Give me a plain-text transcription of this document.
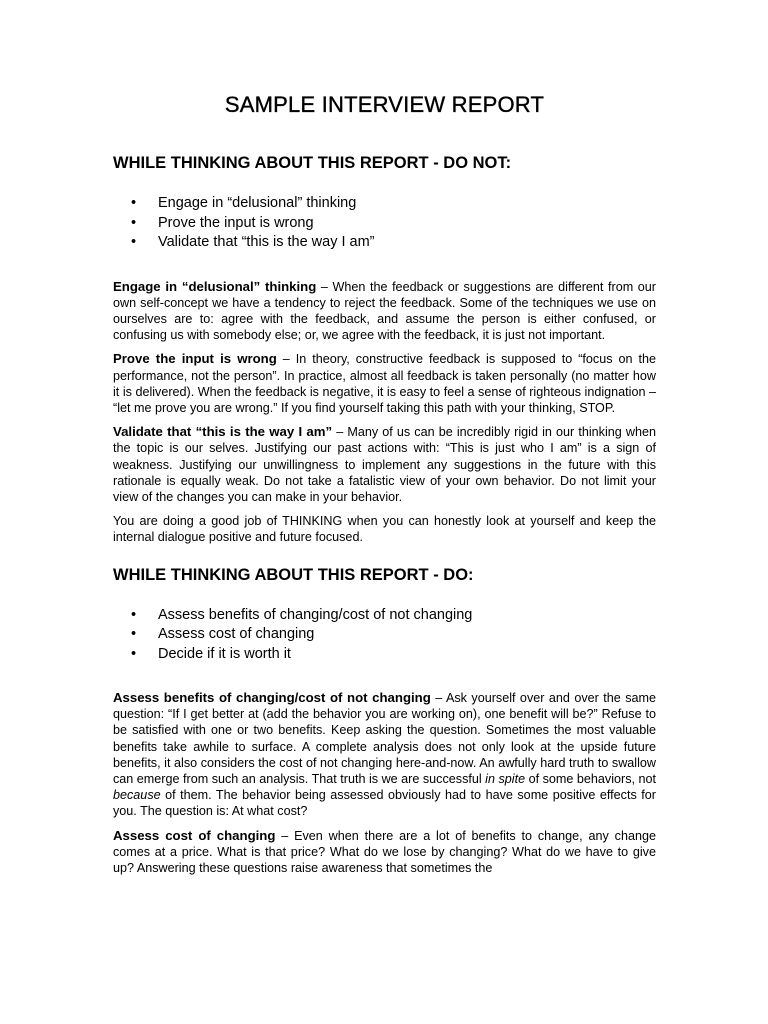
SAMPLE INTERVIEW REPORT
WHILE THINKING ABOUT THIS REPORT - DO NOT:
• Engage in “delusional” thinking
• Prove the input is wrong
• Validate that “this is the way I am”

Engage in “delusional” thinking – When the feedback or suggestions are different from our own self-concept we have a tendency to reject the feedback. Some of the techniques we use on ourselves are to: agree with the feedback, and assume the person is either confused, or confusing us with somebody else; or, we agree with the feedback, it is just not important.

Prove the input is wrong – In theory, constructive feedback is supposed to “focus on the performance, not the person”. In practice, almost all feedback is taken personally (no matter how it is delivered). When the feedback is negative, it is easy to feel a sense of righteous indignation – “let me prove you are wrong.” If you find yourself taking this path with your thinking, STOP.

Validate that “this is the way I am” – Many of us can be incredibly rigid in our thinking when the topic is our selves. Justifying our past actions with: “This is just who I am” is a sign of weakness. Justifying our unwillingness to implement any suggestions in the future with this rationale is equally weak. Do not take a fatalistic view of your own behavior. Do not limit your view of the changes you can make in your behavior.

You are doing a good job of THINKING when you can honestly look at yourself and keep the internal dialogue positive and future focused.

WHILE THINKING ABOUT THIS REPORT - DO:
• Assess benefits of changing/cost of not changing
• Assess cost of changing
• Decide if it is worth it

Assess benefits of changing/cost of not changing – Ask yourself over and over the same question: “If I get better at (add the behavior you are working on), one benefit will be?” Refuse to be satisfied with one or two benefits. Keep asking the question. Sometimes the most valuable benefits take awhile to surface. A complete analysis does not only look at the upside future benefits, it also considers the cost of not changing here-and-now. An awfully hard truth to swallow can emerge from such an analysis. That truth is we are successful in spite of some behaviors, not because of them. The behavior being assessed obviously had to have some positive effects for you. The question is: At what cost?

Assess cost of changing – Even when there are a lot of benefits to change, any change comes at a price. What is that price? What do we lose by changing? What do we have to give up? Answering these questions raise awareness that sometimes the
